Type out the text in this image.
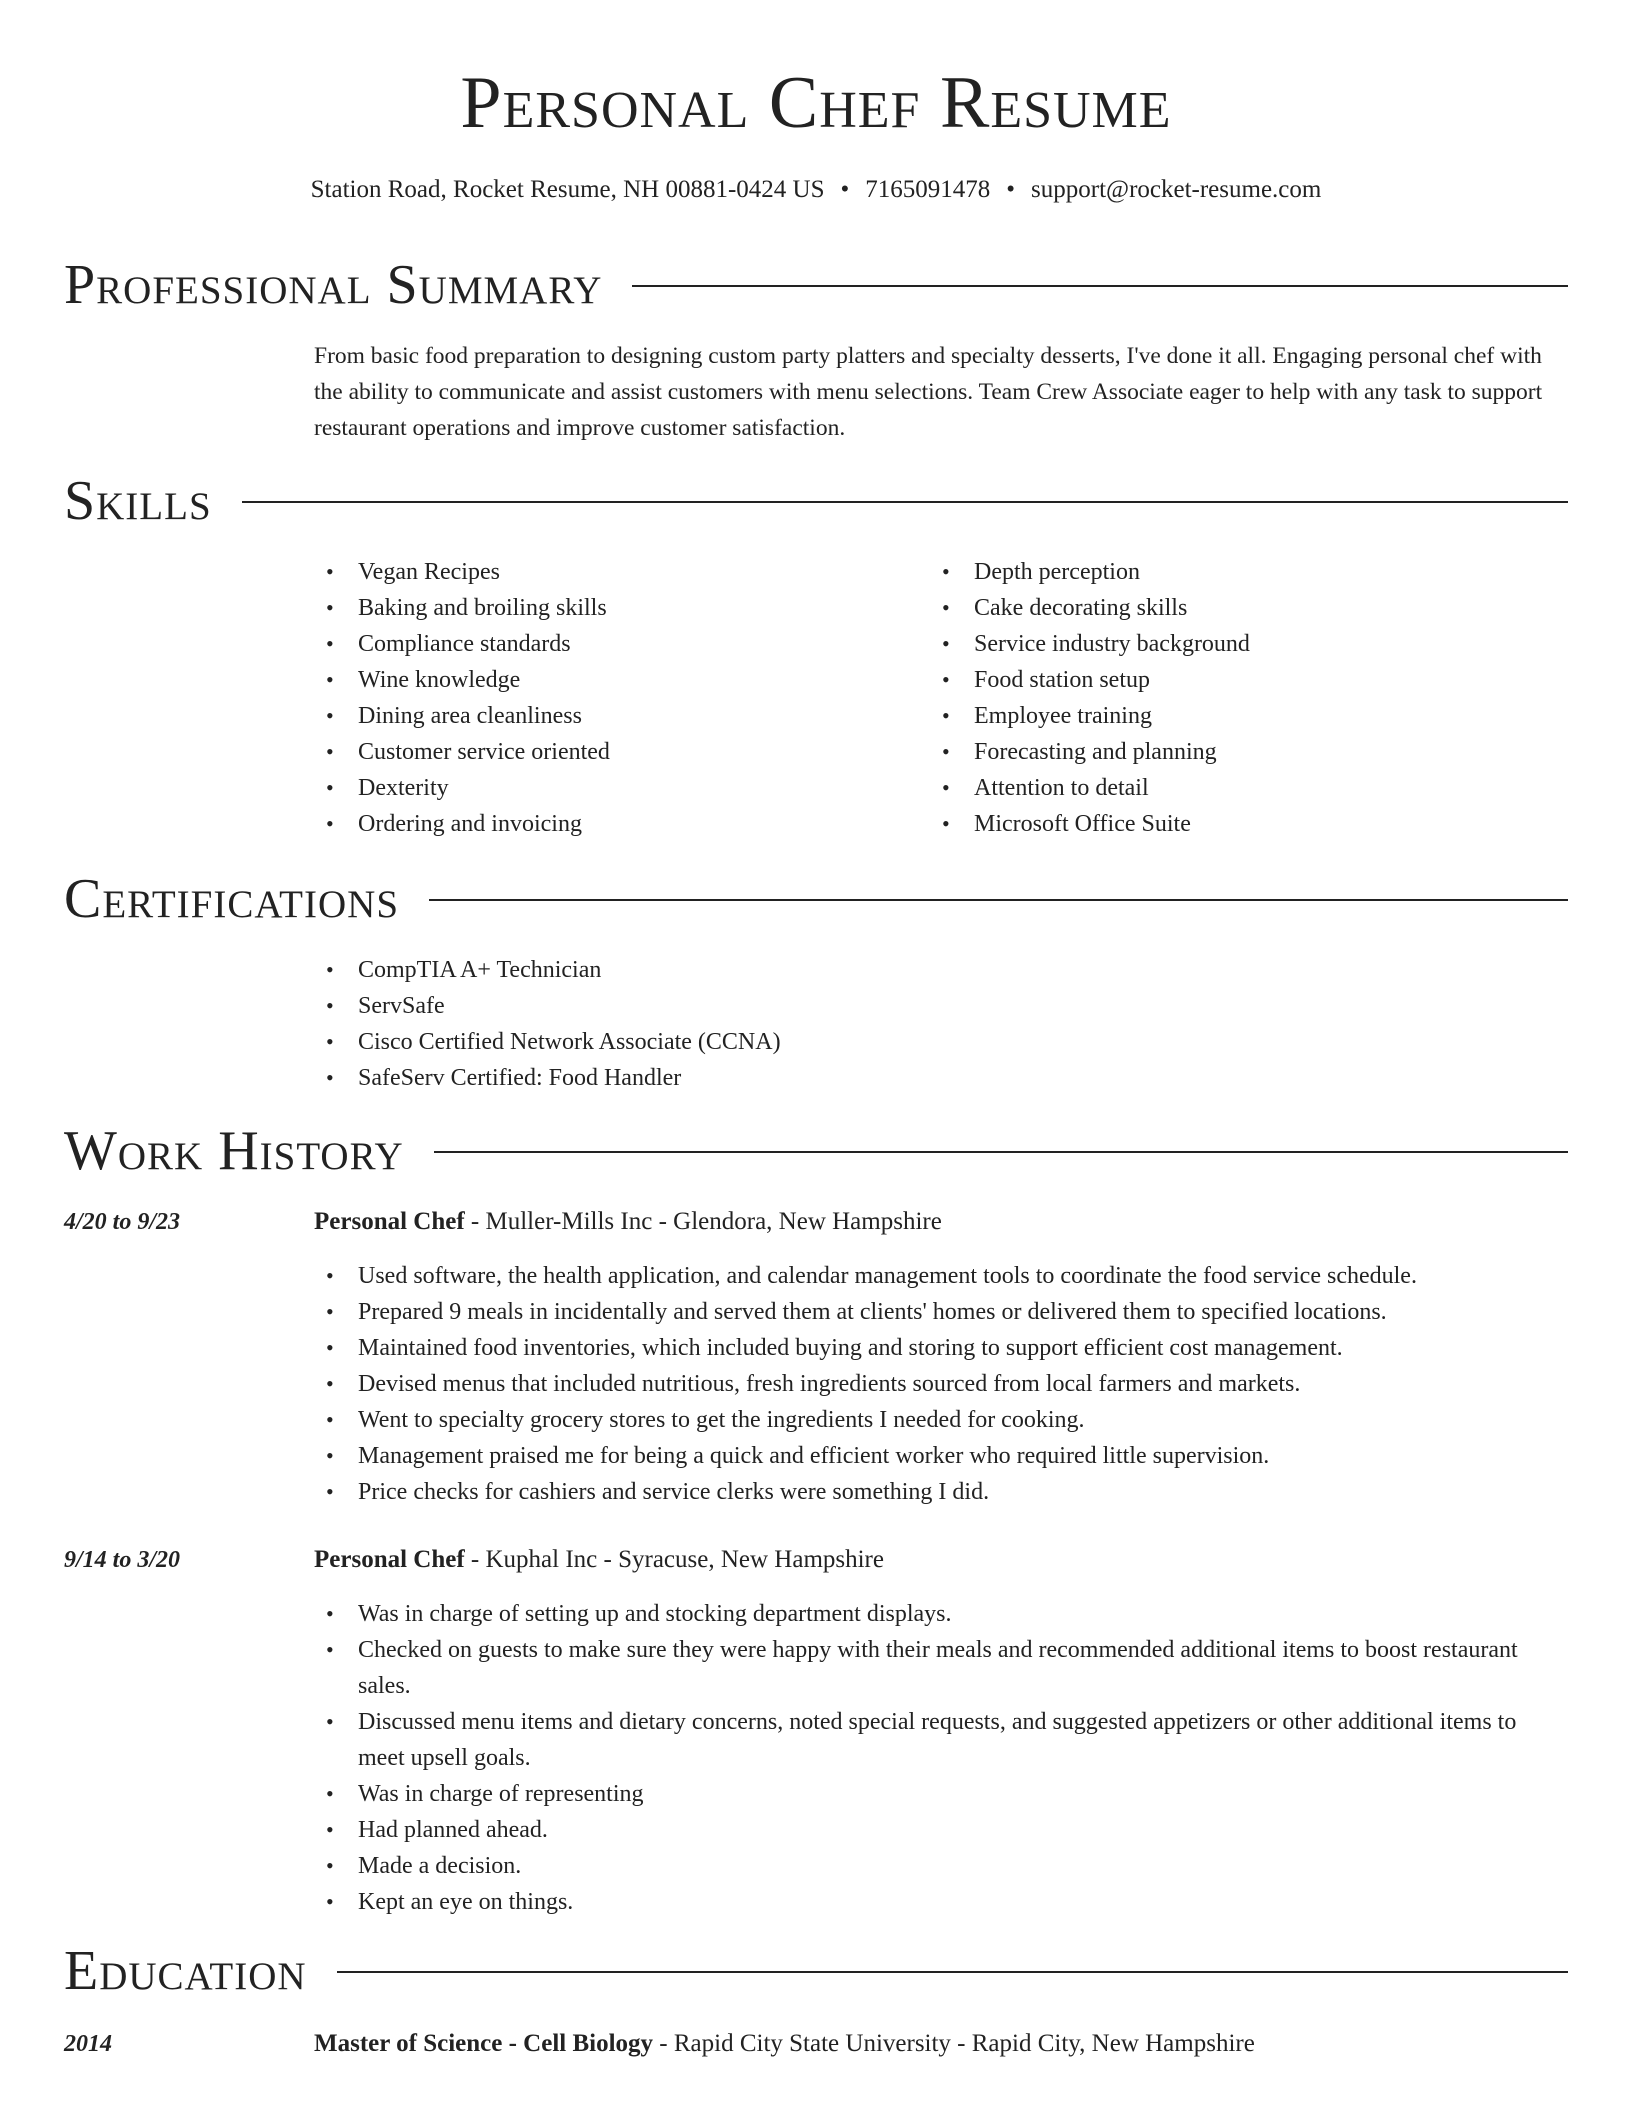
Personal Chef Resume
Station Road, Rocket Resume, NH 00881-0424 US • 7165091478 • support@rocket-resume.com
Professional Summary
From basic food preparation to designing custom party platters and specialty desserts, I've done it all. Engaging personal chef with the ability to communicate and assist customers with menu selections. Team Crew Associate eager to help with any task to support restaurant operations and improve customer satisfaction.
Skills
• Vegan Recipes
• Baking and broiling skills
• Compliance standards
• Wine knowledge
• Dining area cleanliness
• Customer service oriented
• Dexterity
• Ordering and invoicing
• Depth perception
• Cake decorating skills
• Service industry background
• Food station setup
• Employee training
• Forecasting and planning
• Attention to detail
• Microsoft Office Suite
Certifications
• CompTIA A+ Technician
• ServSafe
• Cisco Certified Network Associate (CCNA)
• SafeServ Certified: Food Handler
Work History
4/20 to 9/23	Personal Chef - Muller-Mills Inc - Glendora, New Hampshire
• Used software, the health application, and calendar management tools to coordinate the food service schedule.
• Prepared 9 meals in incidentally and served them at clients' homes or delivered them to specified locations.
• Maintained food inventories, which included buying and storing to support efficient cost management.
• Devised menus that included nutritious, fresh ingredients sourced from local farmers and markets.
• Went to specialty grocery stores to get the ingredients I needed for cooking.
• Management praised me for being a quick and efficient worker who required little supervision.
• Price checks for cashiers and service clerks were something I did.
9/14 to 3/20	Personal Chef - Kuphal Inc - Syracuse, New Hampshire
• Was in charge of setting up and stocking department displays.
• Checked on guests to make sure they were happy with their meals and recommended additional items to boost restaurant sales.
• Discussed menu items and dietary concerns, noted special requests, and suggested appetizers or other additional items to meet upsell goals.
• Was in charge of representing
• Had planned ahead.
• Made a decision.
• Kept an eye on things.
Education
2014	Master of Science - Cell Biology - Rapid City State University - Rapid City, New Hampshire
